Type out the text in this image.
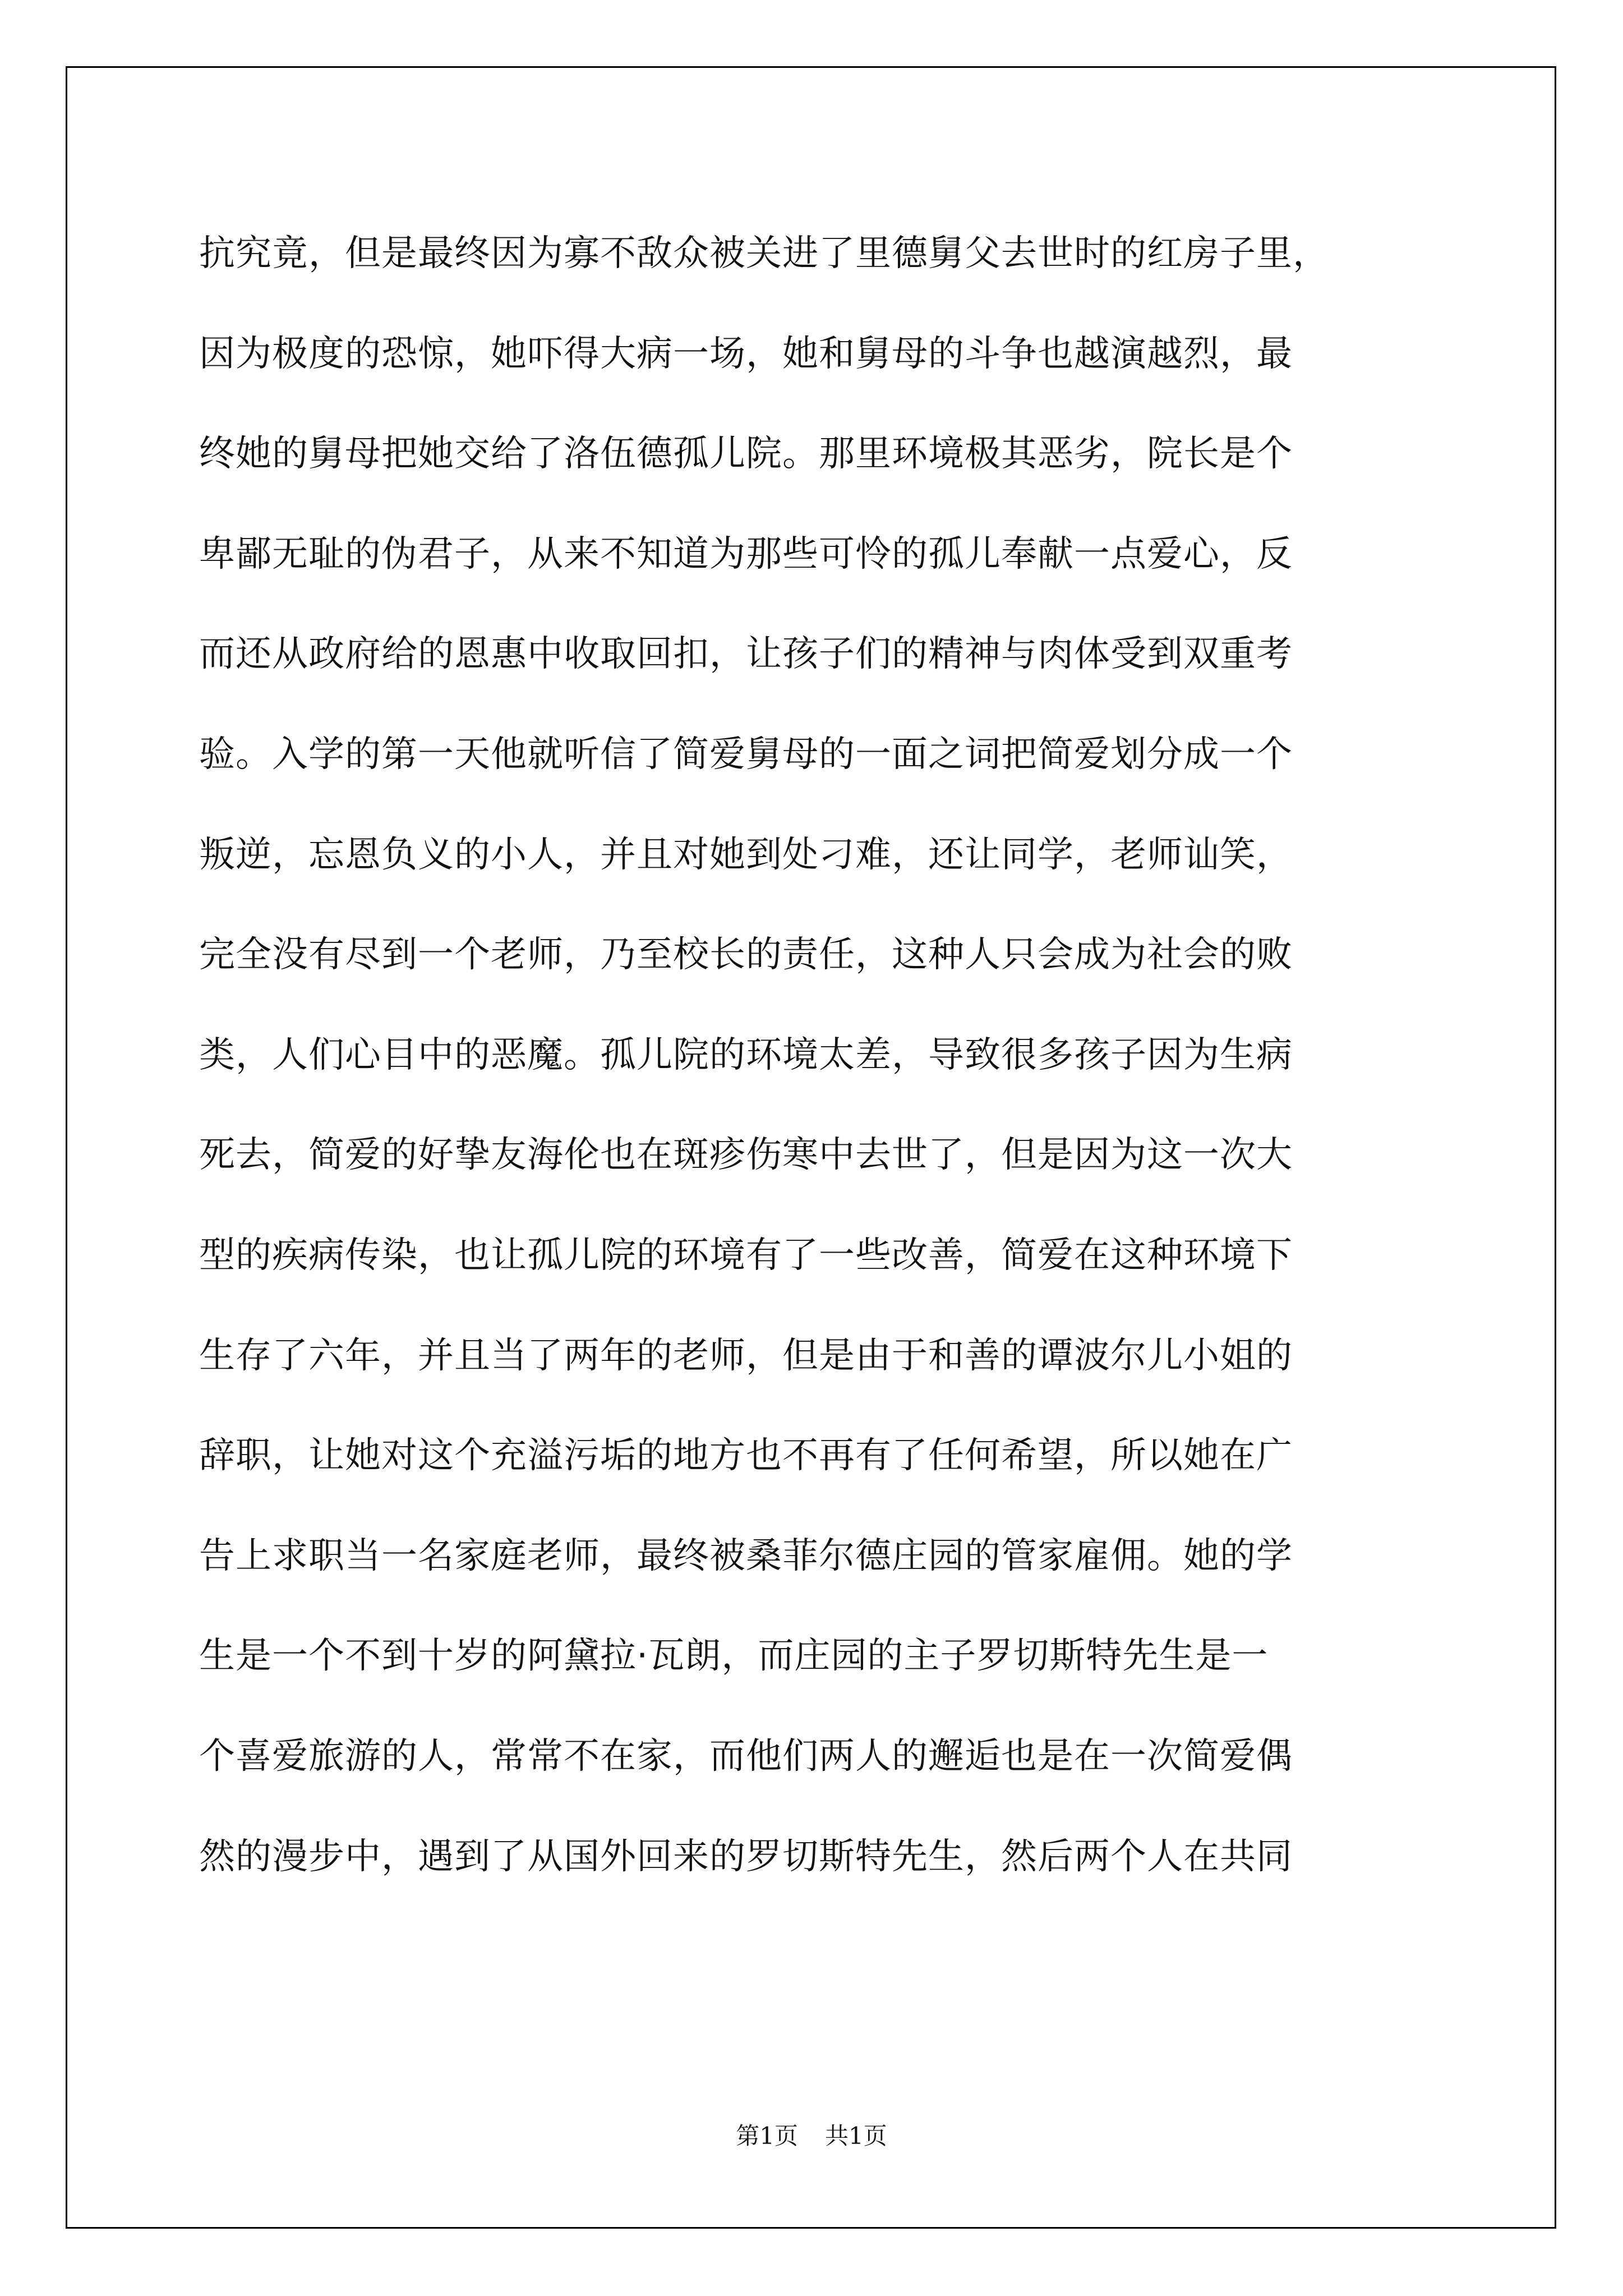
抗究竟，但是最终因为寡不敌众被关进了里德舅父去世时的红房子里，
因为极度的恐惊，她吓得大病一场，她和舅母的斗争也越演越烈，最
终她的舅母把她交给了洛伍德孤儿院。那里环境极其恶劣，院长是个
卑鄙无耻的伪君子，从来不知道为那些可怜的孤儿奉献一点爱心，反
而还从政府给的恩惠中收取回扣，让孩子们的精神与肉体受到双重考
验。入学的第一天他就听信了简爱舅母的一面之词把简爱划分成一个
叛逆，忘恩负义的小人，并且对她到处刁难，还让同学，老师讪笑，
完全没有尽到一个老师，乃至校长的责任，这种人只会成为社会的败
类，人们心目中的恶魔。孤儿院的环境太差，导致很多孩子因为生病
死去，简爱的好挚友海伦也在斑疹伤寒中去世了，但是因为这一次大
型的疾病传染，也让孤儿院的环境有了一些改善，简爱在这种环境下
生存了六年，并且当了两年的老师，但是由于和善的谭波尔儿小姐的
辞职，让她对这个充溢污垢的地方也不再有了任何希望，所以她在广
告上求职当一名家庭老师，最终被桑菲尔德庄园的管家雇佣。她的学
生是一个不到十岁的阿黛拉·瓦朗，而庄园的主子罗切斯特先生是一
个喜爱旅游的人，常常不在家，而他们两人的邂逅也是在一次简爱偶
然的漫步中，遇到了从国外回来的罗切斯特先生，然后两个人在共同
第1页 共1页
